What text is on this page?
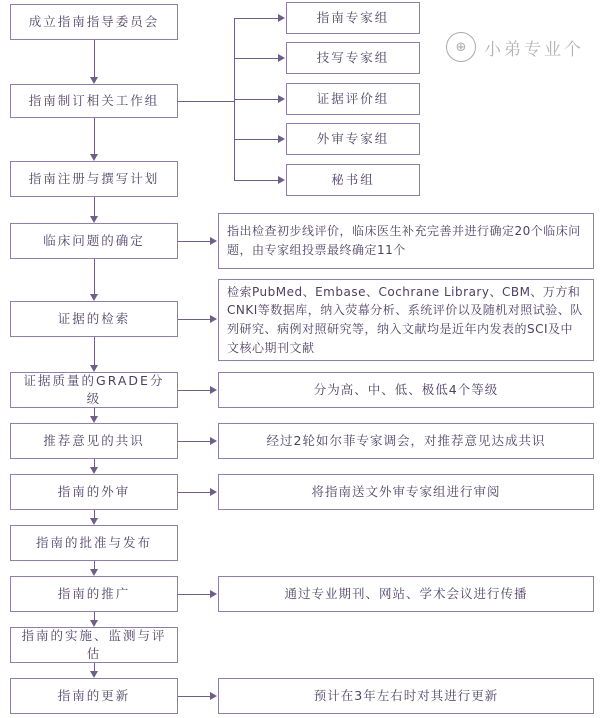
成立指南指导委员会
指南制订相关工作组
指南注册与撰写计划
临床问题的确定
证据的检索
证据质量的GRADE分级
推荐意见的共识
指南的外审
指南的批准与发布
指南的推广
指南的实施、监测与评估
指南的更新
指南专家组
技写专家组
证据评价组
外审专家组
秘书组
指出检查初步线评价，临床医生补充完善并进行确定20个临床问题，由专家组投票最终确定11个
检索PubMed、Embase、Cochrane Library、CBM、万方和CNKI等数据库，纳入荧幕分析、系统评价以及随机对照试验、队列研究、病例对照研究等，纳入文献均是近年内发表的SCI及中文核心期刊文献
分为高、中、低、极低4个等级
经过2轮如尔菲专家调会，对推荐意见达成共识
将指南送文外审专家组进行审阅
通过专业期刊、网站、学术会议进行传播
预计在3年左右时对其进行更新
⊕	小弟专业个
